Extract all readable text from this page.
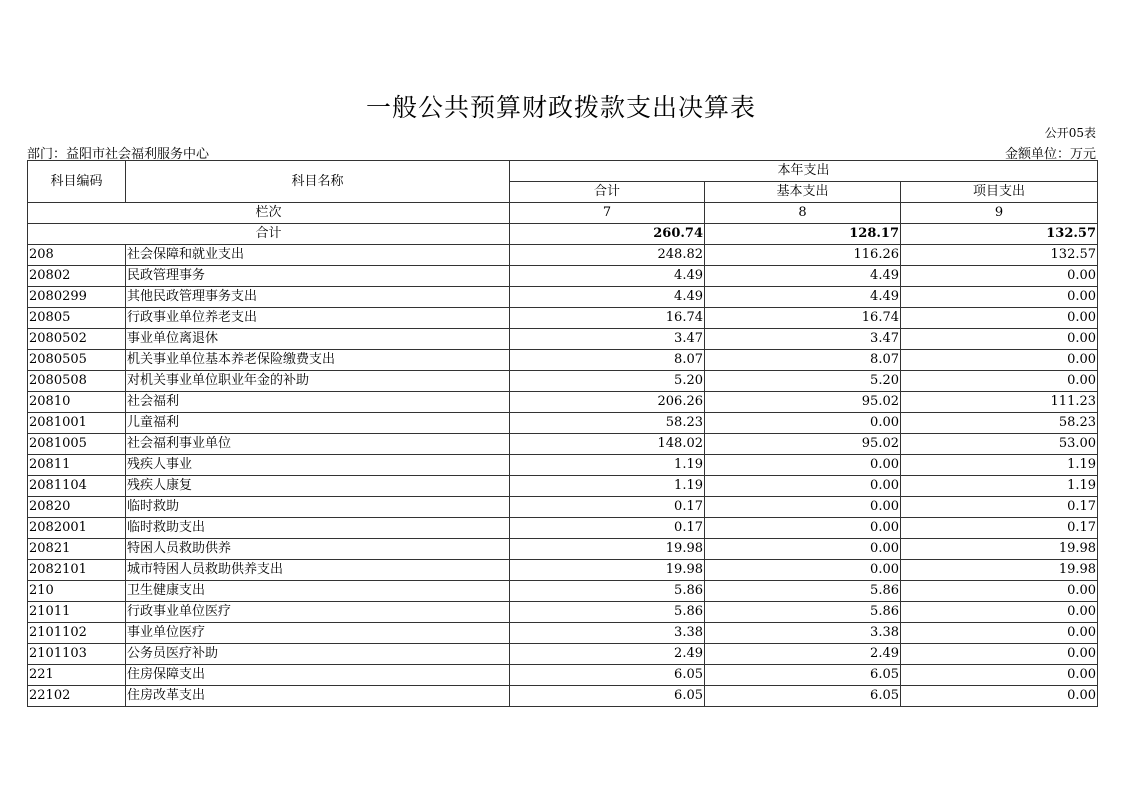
一般公共预算财政拨款支出决算表
公开05表
部门：益阳市社会福利服务中心	金额单位：万元
科目编码	科目名称	本年支出		
		合计	基本支出	项目支出
栏次		7	8	9
合计		260.74	128.17	132.57
208	社会保障和就业支出	248.82	116.26	132.57
20802	民政管理事务	4.49	4.49	0.00
2080299	其他民政管理事务支出	4.49	4.49	0.00
20805	行政事业单位养老支出	16.74	16.74	0.00
2080502	事业单位离退休	3.47	3.47	0.00
2080505	机关事业单位基本养老保险缴费支出	8.07	8.07	0.00
2080508	对机关事业单位职业年金的补助	5.20	5.20	0.00
20810	社会福利	206.26	95.02	111.23
2081001	儿童福利	58.23	0.00	58.23
2081005	社会福利事业单位	148.02	95.02	53.00
20811	残疾人事业	1.19	0.00	1.19
2081104	残疾人康复	1.19	0.00	1.19
20820	临时救助	0.17	0.00	0.17
2082001	临时救助支出	0.17	0.00	0.17
20821	特困人员救助供养	19.98	0.00	19.98
2082101	城市特困人员救助供养支出	19.98	0.00	19.98
210	卫生健康支出	5.86	5.86	0.00
21011	行政事业单位医疗	5.86	5.86	0.00
2101102	事业单位医疗	3.38	3.38	0.00
2101103	公务员医疗补助	2.49	2.49	0.00
221	住房保障支出	6.05	6.05	0.00
22102	住房改革支出	6.05	6.05	0.00
